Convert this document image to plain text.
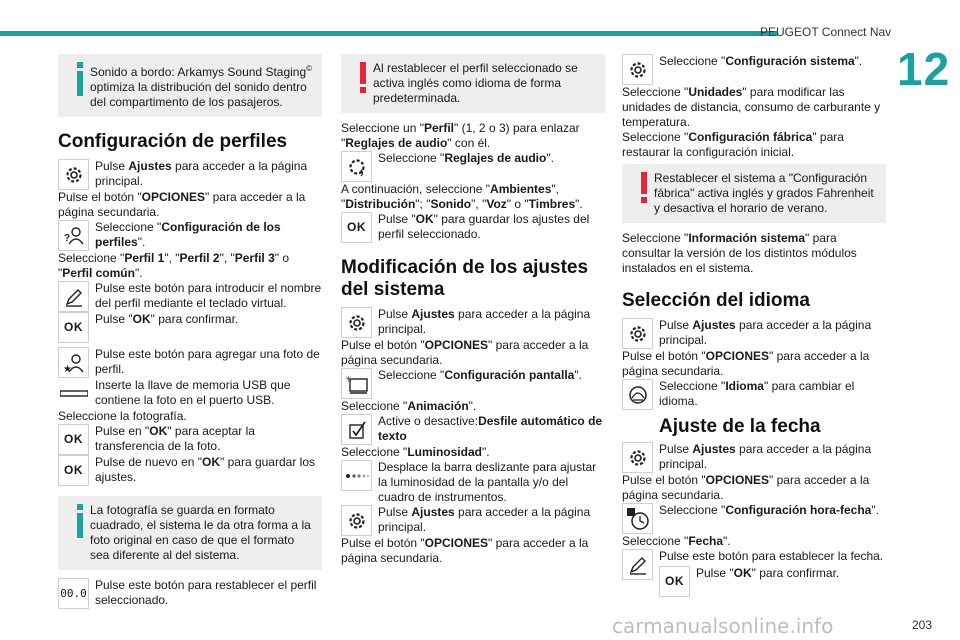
PEUGEOT Connect Nav
12
Sonido a bordo: Arkamys Sound Staging©
optimiza la distribución del sonido dentro del compartimento de los pasajeros.
Configuración de perfiles
Pulse Ajustes para acceder a la página principal.
Pulse el botón "OPCIONES" para acceder a la página secundaria.
?
Seleccione "Configuración de los perfiles".
Seleccione "Perfil 1", "Perfil 2", "Perfil 3" o "Perfil común".
Pulse este botón para introducir el nombre del perfil mediante el teclado virtual.
OK
Pulse "OK" para confirmar.
★
Pulse este botón para agregar una foto de perfil.
Inserte la llave de memoria USB que contiene la foto en el puerto USB.
Seleccione la fotografía.
OK
Pulse en "OK" para aceptar la transferencia de la foto.
OK
Pulse de nuevo en "OK" para guardar los ajustes.
La fotografía se guarda en formato cuadrado, el sistema le da otra forma a la foto original en caso de que el formato sea diferente al del sistema.
00.0
Pulse este botón para restablecer el perfil seleccionado.
Al restablecer el perfil seleccionado se activa inglés como idioma de forma predeterminada.
Seleccione un "Perfil" (1, 2 o 3) para enlazar "Reglajes de audio" con él.
Seleccione "Reglajes de audio".
A continuación, seleccione "Ambientes", "Distribución"; "Sonido", "Voz" o "Timbres".
OK
Pulse "OK" para guardar los ajustes del perfil seleccionado.
Modificación de los ajustes del sistema
Pulse Ajustes para acceder a la página principal.
Pulse el botón "OPCIONES" para acceder a la página secundaria.
✳ Seleccione "Configuración pantalla".
Seleccione "Animación".
Active o desactive:Desfile automático de texto
Seleccione "Luminosidad".
Desplace la barra deslizante para ajustar la luminosidad de la pantalla y/o del cuadro de instrumentos.
Pulse Ajustes para acceder a la página principal.
Pulse el botón "OPCIONES" para acceder a la página secundaria.
Seleccione "Configuración sistema".
Seleccione "Unidades" para modificar las unidades de distancia, consumo de carburante y temperatura.
Seleccione "Configuración fábrica" para restaurar la configuración inicial.
Restablecer el sistema a "Configuración fábrica" activa inglés y grados Fahrenheit y desactiva el horario de verano.
Seleccione "Información sistema" para consultar la versión de los distintos módulos instalados en el sistema.
Selección del idioma
Pulse Ajustes para acceder a la página principal.
Pulse el botón "OPCIONES" para acceder a la página secundaria.
Seleccione "Idioma" para cambiar el idioma.
Ajuste de la fecha
Pulse Ajustes para acceder a la página principal.
Pulse el botón "OPCIONES" para acceder a la página secundaria.
Seleccione "Configuración hora-fecha".
Seleccione "Fecha".
Pulse este botón para establecer la fecha.
OK
Pulse "OK" para confirmar.
carmanualsonline.info	203
